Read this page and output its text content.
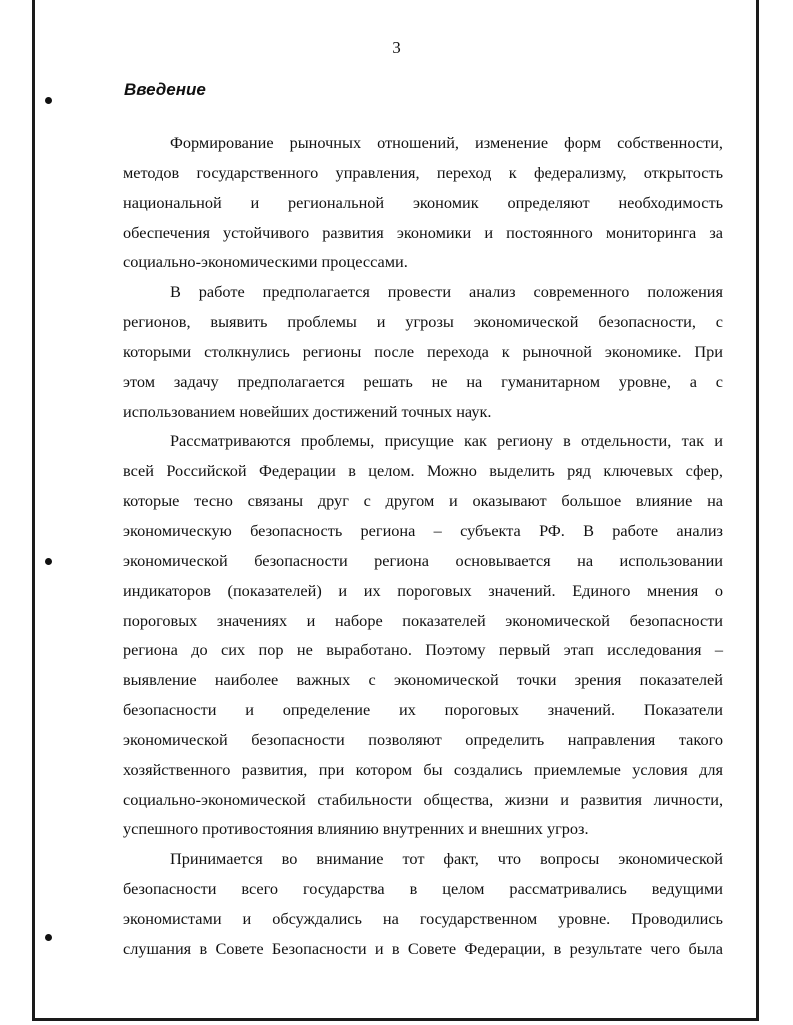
3
Введение
Формирование рыночных отношений, изменение форм собственности,
методов государственного управления, переход к федерализму, открытость
национальной и региональной экономик определяют необходимость
обеспечения устойчивого развития экономики и постоянного мониторинга за
социально-экономическими процессами.
В работе предполагается провести анализ современного положения
регионов, выявить проблемы и угрозы экономической безопасности, с
которыми столкнулись регионы после перехода к рыночной экономике. При
этом задачу предполагается решать не на гуманитарном уровне, а с
использованием новейших достижений точных наук.
Рассматриваются проблемы, присущие как региону в отдельности, так и
всей Российской Федерации в целом. Можно выделить ряд ключевых сфер,
которые тесно связаны друг с другом и оказывают большое влияние на
экономическую безопасность региона – субъекта РФ. В работе анализ
экономической безопасности региона основывается на использовании
индикаторов (показателей) и их пороговых значений. Единого мнения о
пороговых значениях и наборе показателей экономической безопасности
региона до сих пор не выработано. Поэтому первый этап исследования –
выявление наиболее важных с экономической точки зрения показателей
безопасности и определение их пороговых значений. Показатели
экономической безопасности позволяют определить направления такого
хозяйственного развития, при котором бы создались приемлемые условия для
социально-экономической стабильности общества, жизни и развития личности,
успешного противостояния влиянию внутренних и внешних угроз.
Принимается во внимание тот факт, что вопросы экономической
безопасности всего государства в целом рассматривались ведущими
экономистами и обсуждались на государственном уровне. Проводились
слушания в Совете Безопасности и в Совете Федерации, в результате чего была
